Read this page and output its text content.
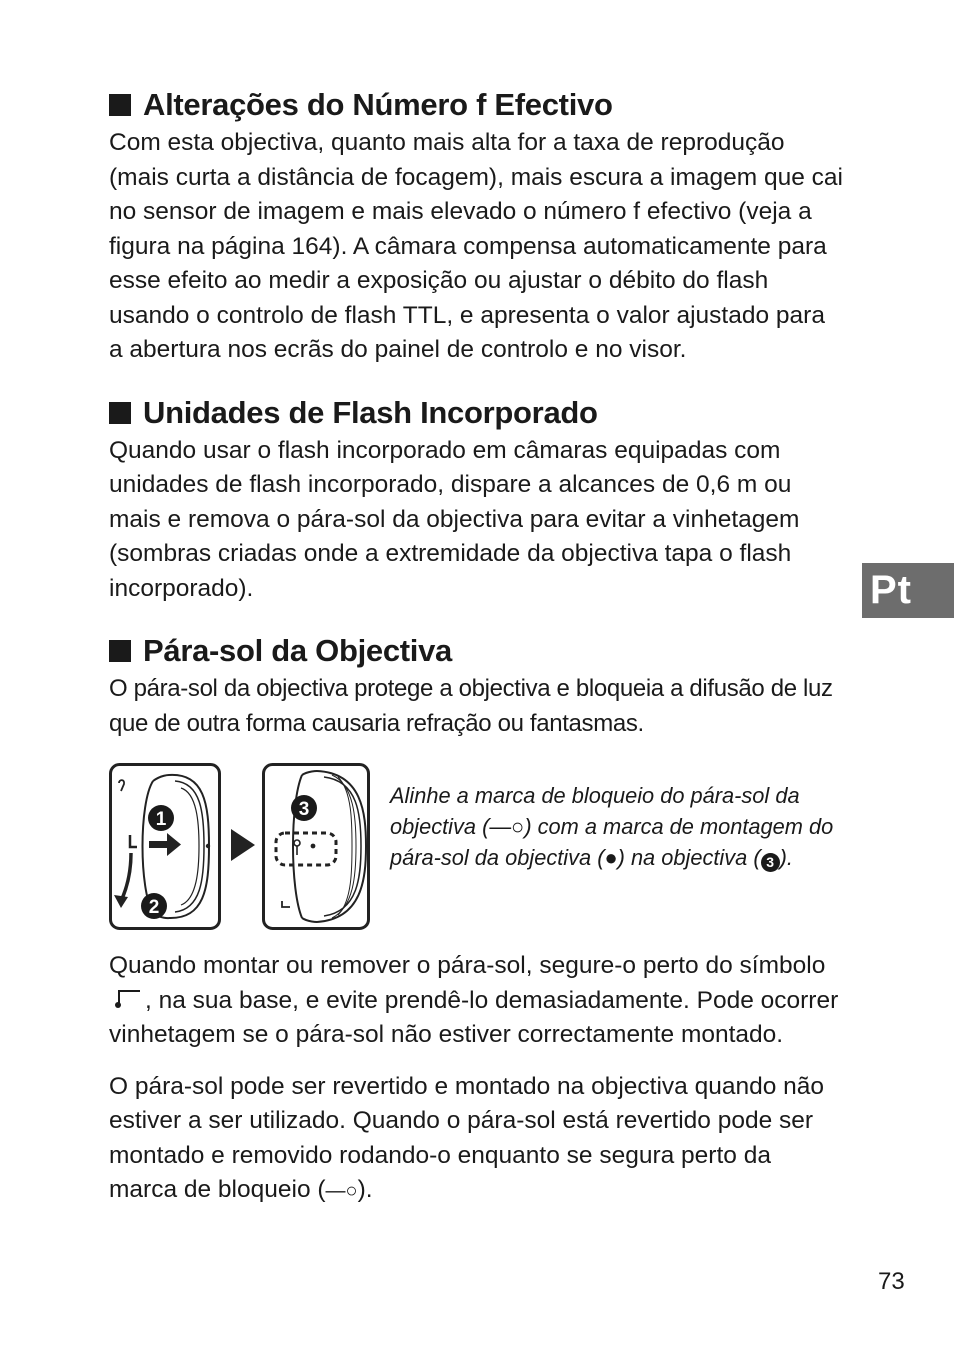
Alterações do Número f Efectivo

Com esta objectiva, quanto mais alta for a taxa de reprodução (mais curta a distância de focagem), mais escura a imagem que cai no sensor de imagem e mais elevado o número f efectivo (veja a figura na página 164). A câmara compensa automaticamente para esse efeito ao medir a exposição ou ajustar o débito do flash usando o controlo de flash TTL, e apresenta o valor ajustado para a abertura nos ecrãs do painel de controlo e no visor.

Unidades de Flash Incorporado

Quando usar o flash incorporado em câmaras equipadas com unidades de flash incorporado, dispare a alcances de 0,6 m ou mais e remova o pára-sol da objectiva para evitar a vinhetagem (sombras criadas onde a extremidade da objectiva tapa o flash incorporado).

Pára-sol da Objectiva

O pára-sol da objectiva protege a objectiva e bloqueia a difusão de luz que de outra forma causaria refração ou fantasmas.

1
2
3
Alinhe a marca de bloqueio do pára-sol da objectiva (—○) com a marca de montagem do pára-sol da objectiva (●) na objectiva ( 3 ).

Quando montar ou remover o pára-sol, segure-o perto do símbolo
, na sua base, e evite prendê-lo demasiadamente. Pode ocorrer vinhetagem se o pára-sol não estiver correctamente montado.

O pára-sol pode ser revertido e montado na objectiva quando não estiver a ser utilizado. Quando o pára-sol está revertido pode ser montado e removido rodando-o enquanto se segura perto da marca de bloqueio (—○).

Pt
73
